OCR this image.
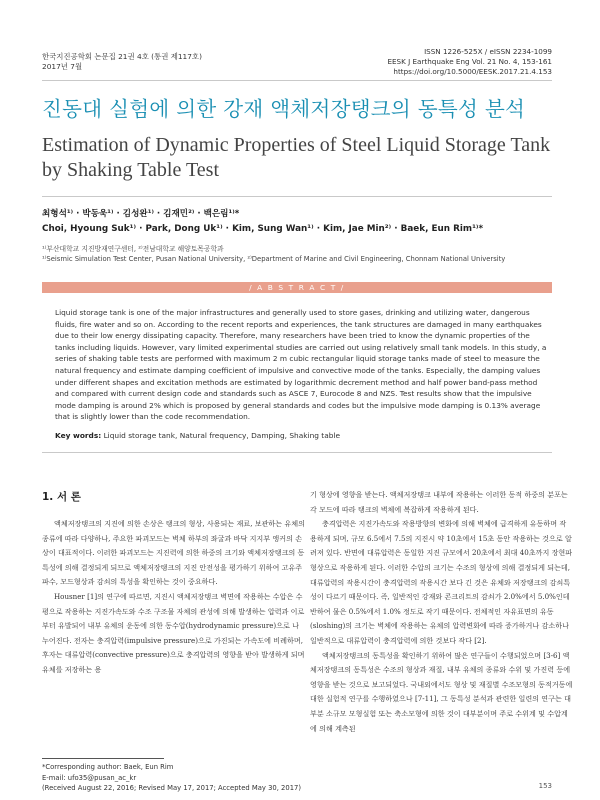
한국지진공학회 논문집 21권 4호 (통권 제117호)
2017년 7월
ISSN 1226-525X / eISSN 2234-1099
EESK J Earthquake Eng Vol. 21 No. 4, 153-161
https://doi.org/10.5000/EESK.2017.21.4.153
진동대 실험에 의한 강재 액체저장탱크의 동특성 분석
Estimation of Dynamic Properties of Steel Liquid Storage Tank by Shaking Table Test
최형석¹⁾ · 박동욱¹⁾ · 김성완¹⁾ · 김재민²⁾ · 백은림¹⁾*
Choi, Hyoung Suk¹⁾ · Park, Dong Uk¹⁾ · Kim, Sung Wan¹⁾ · Kim, Jae Min²⁾ · Baek, Eun Rim¹⁾*
¹⁾부산대학교 지진방재연구센터, ²⁾전남대학교 해양토목공학과
¹⁾Seismic Simulation Test Center, Pusan National University, ²⁾Department of Marine and Civil Engineering, Chonnam National University
/ A B S T R A C T /
Liquid storage tank is one of the major infrastructures and generally used to store gases, drinking and utilizing water, dangerous fluids, fire water and so on. According to the recent reports and experiences, the tank structures are damaged in many earthquakes due to their low energy dissipating capacity. Therefore, many researchers have been tried to know the dynamic properties of the tanks including liquids. However, vary limited experimental studies are carried out using relatively small tank models. In this study, a series of shaking table tests are performed with maximum 2 m cubic rectangular liquid storage tanks made of steel to measure the natural frequency and estimate damping coefficient of impulsive and convective mode of the tanks. Especially, the damping values under different shapes and excitation methods are estimated by logarithmic decrement method and half power band-pass method and compared with current design code and standards such as ASCE 7, Eurocode 8 and NZS. Test results show that the impulsive mode damping is around 2% which is proposed by general standards and codes but the impulsive mode damping is 0.13% average that is slightly lower than the code recommendation.
Key words: Liquid storage tank, Natural frequency, Damping, Shaking table
1. 서 론

액체저장탱크의 지진에 의한 손상은 탱크의 형상, 사용되는 재료, 보관하는 유체의 종류에 따라 다양하나, 주요한 파괴모드는 벽체 하부의 좌굴과 바닥 지지부 앵커의 손상이 대표적이다. 이러한 파괴모드는 지진력에 의한 하중의 크기와 액체저장탱크의 동특성에 의해 결정되게 되므로 액체저장탱크의 지진 안전성을 평가하기 위하여 고유주파수, 모드형상과 감쇠의 특성을 확인하는 것이 중요하다.

Housner [1]의 연구에 따르면, 지진시 액체저장탱크 벽면에 작용하는 수압은 수평으로 작용하는 지진가속도와 수조 구조물 자체의 관성에 의해 발생하는 압력과 이로부터 유발되어 내부 유체의 운동에 의한 동수압(hydrodynamic pressure)으로 나누어진다. 전자는 충격압력(impulsive pressure)으로 가진되는 가속도에 비례하며, 후자는 대류압력(convective pressure)으로 충격압력의 영향을 받아 발생하게 되며 유체를 저장하는 용

기 형상에 영향을 받는다. 액체저장탱크 내부에 작용하는 이러한 동적 하중의 분포는 각 모드에 따라 탱크의 벽체에 복잡하게 작용하게 된다.

충격압력은 지진가속도와 작용방향의 변화에 의해 벽체에 급격하게 유동하며 작용하게 되며, 규모 6.5에서 7.5의 지진시 약 10초에서 15초 동안 작용하는 것으로 알려져 있다. 반면에 대류압력은 동일한 지진 규모에서 20초에서 최대 40초까지 장현파 형상으로 작용하게 된다. 이러한 수압의 크기는 수조의 형상에 의해 결정되게 되는데, 대류압력의 작용시간이 충격압력의 작용시간 보다 긴 것은 유체와 저장탱크의 감쇠특성이 다르기 때문이다. 즉, 일반적인 강재와 콘크리트의 감쇠가 2.0%에서 5.0%인데 반하여 물은 0.5%에서 1.0% 정도로 작기 때문이다. 전체적인 자유표면의 유동(sloshing)의 크기는 벽체에 작용하는 유체의 압력변화에 따라 증가하거나 감소하나 일반적으로 대류압력이 충격압력에 의한 것보다 작다 [2].

액체저장탱크의 동특성을 확인하기 위하여 많은 연구들이 수행되었으며 [3-6] 액체저장탱크의 동특성은 수조의 형상과 재질, 내부 유체의 종류와 수위 및 가진력 등에 영향을 받는 것으로 보고되었다. 국내외에서도 형상 및 재질별 수조모형의 동적거동에 대한 실험적 연구를 수행하였으나 [7-11], 그 동특성 분석과 관련한 일련의 연구는 대부분 소규모 모형실험 또는 축소모형에 의한 것이 대부분이며 주로 수위계 및 수압계에 의해 계측된

*Corresponding author: Baek, Eun Rim
E-mail: ufo35@pusan_ac_kr
(Received August 22, 2016; Revised May 17, 2017; Accepted May 30, 2017)	153
